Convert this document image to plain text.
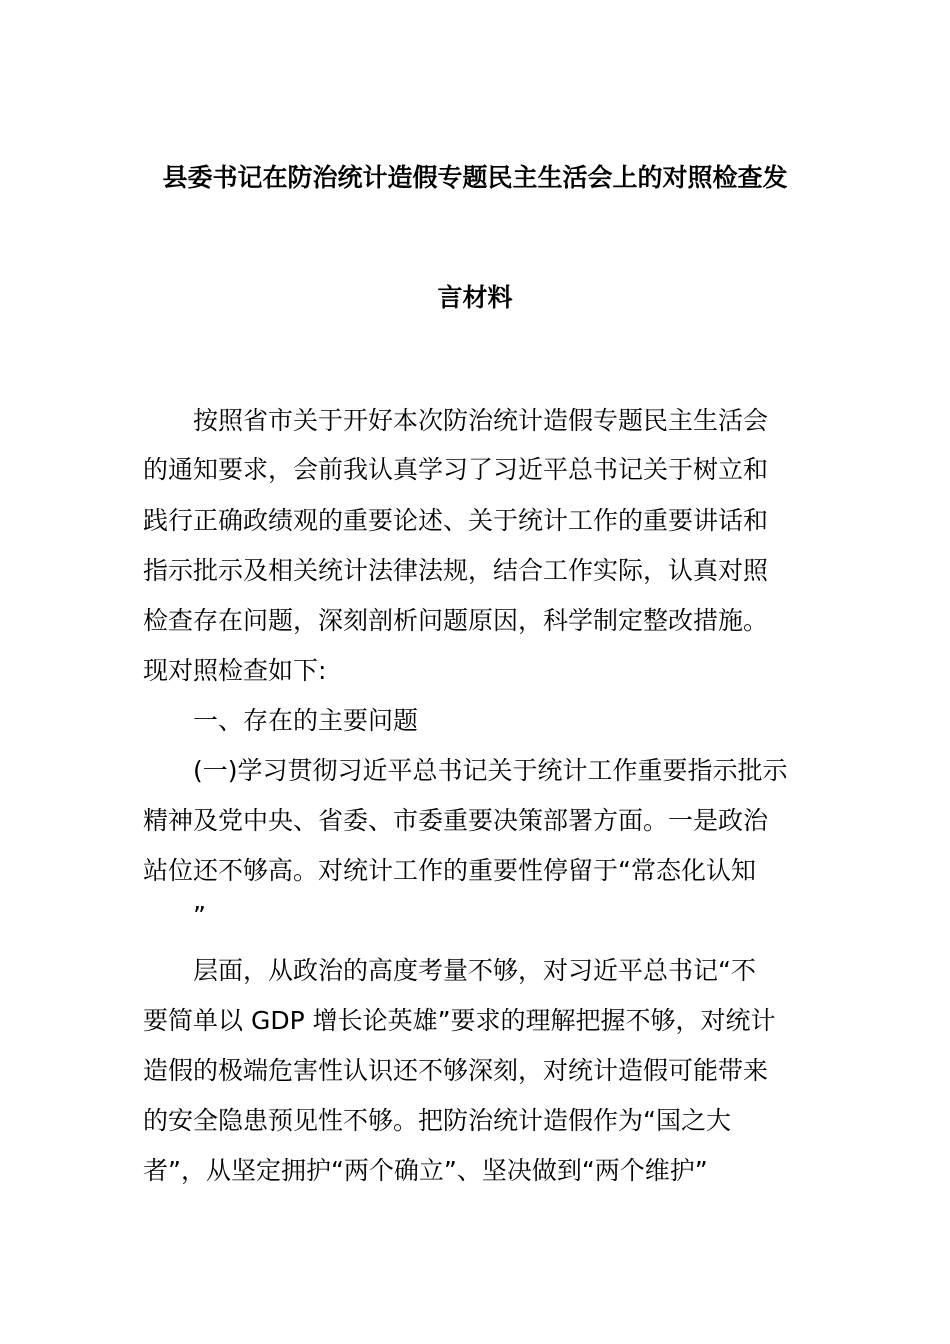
县委书记在防治统计造假专题民主生活会上的对照检查发
言材料
按照省市关于开好本次防治统计造假专题民主生活会
的通知要求，会前我认真学习了习近平总书记关于树立和
践行正确政绩观的重要论述、关于统计工作的重要讲话和
指示批示及相关统计法律法规，结合工作实际，认真对照
检查存在问题，深刻剖析问题原因，科学制定整改措施。
现对照检查如下:
一、存在的主要问题
(一)学习贯彻习近平总书记关于统计工作重要指示批示
精神及党中央、省委、市委重要决策部署方面。一是政治
站位还不够高。对统计工作的重要性停留于“常态化认知
”
层面，从政治的高度考量不够，对习近平总书记“不
要简单以 GDP 增长论英雄”要求的理解把握不够，对统计
造假的极端危害性认识还不够深刻，对统计造假可能带来
的安全隐患预见性不够。把防治统计造假作为“国之大
者”，从坚定拥护“两个确立”、坚决做到“两个维护”
